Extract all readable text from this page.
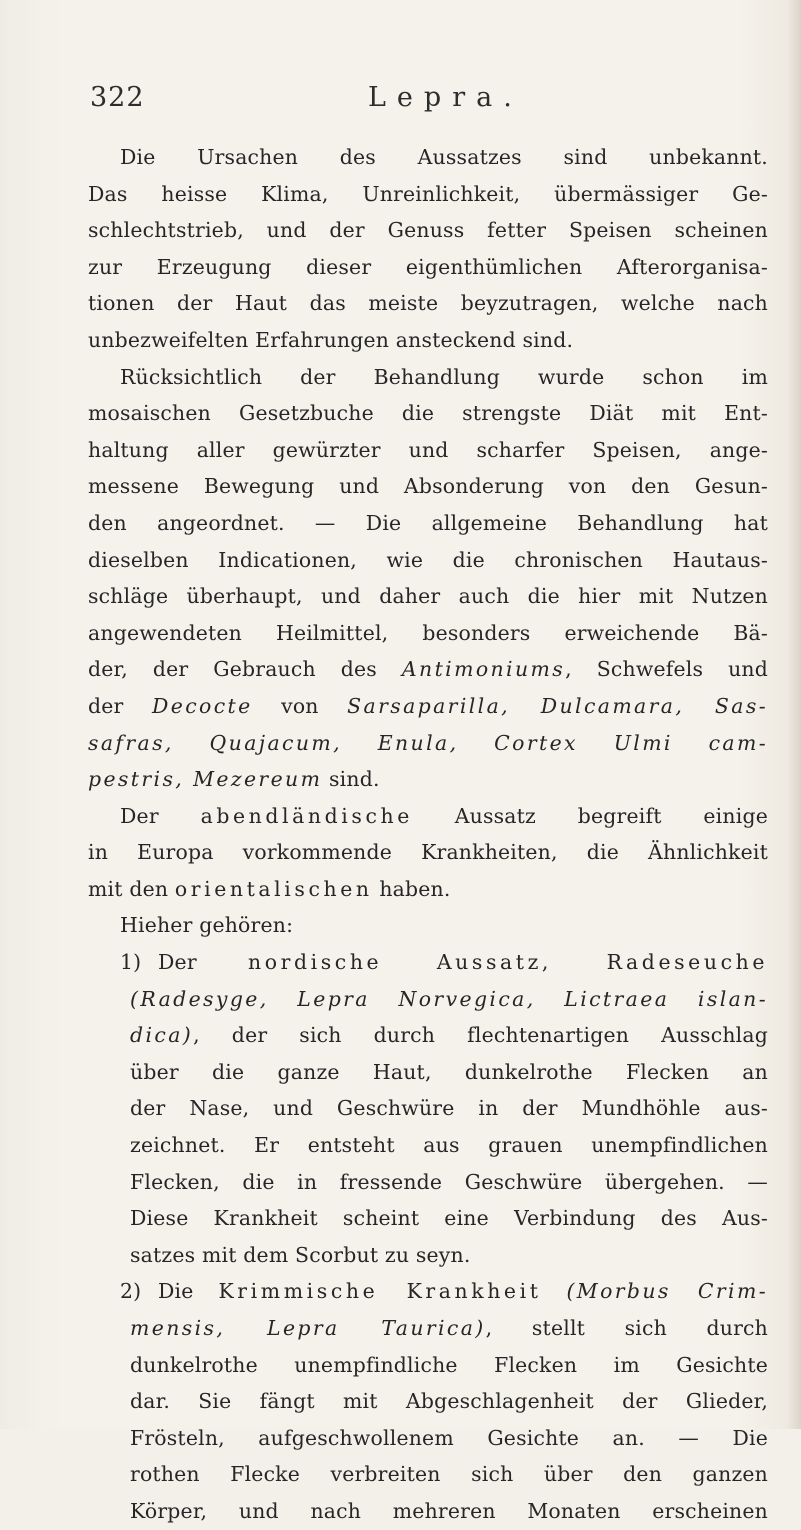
322	Lepra.
Die Ursachen des Aussatzes sind unbekannt.
Das heisse Klima, Unreinlichkeit, übermässiger Ge-
schlechtstrieb, und der Genuss fetter Speisen scheinen
zur Erzeugung dieser eigenthümlichen Afterorganisa-
tionen der Haut das meiste beyzutragen, welche nach
unbezweifelten Erfahrungen ansteckend sind.
Rücksichtlich der Behandlung wurde schon im
mosaischen Gesetzbuche die strengste Diät mit Ent-
haltung aller gewürzter und scharfer Speisen, ange-
messene Bewegung und Absonderung von den Gesun-
den angeordnet. — Die allgemeine Behandlung hat
dieselben Indicationen, wie die chronischen Hautaus-
schläge überhaupt, und daher auch die hier mit Nutzen
angewendeten Heilmittel, besonders erweichende Bä-
der, der Gebrauch des Antimoniums, Schwefels und
der Decocte von Sarsaparilla, Dulcamara, Sas-
safras, Quajacum, Enula, Cortex Ulmi cam-
pestris, Mezereum sind.
Der abendländische Aussatz begreift einige
in Europa vorkommende Krankheiten, die Ähnlichkeit
mit den orientalischen haben.
Hieher gehören:
1) Der nordische Aussatz, Radeseuche
(Radesyge, Lepra Norvegica, Lictraea islan-
dica), der sich durch flechtenartigen Ausschlag
über die ganze Haut, dunkelrothe Flecken an
der Nase, und Geschwüre in der Mundhöhle aus-
zeichnet. Er entsteht aus grauen unempfindlichen
Flecken, die in fressende Geschwüre übergehen. —
Diese Krankheit scheint eine Verbindung des Aus-
satzes mit dem Scorbut zu seyn.
2) Die Krimmische Krankheit (Morbus Crim-
mensis, Lepra Taurica), stellt sich durch
dunkelrothe unempfindliche Flecken im Gesichte
dar. Sie fängt mit Abgeschlagenheit der Glieder,
Frösteln, aufgeschwollenem Gesichte an. — Die
rothen Flecke verbreiten sich über den ganzen
Körper, und nach mehreren Monaten erscheinen
